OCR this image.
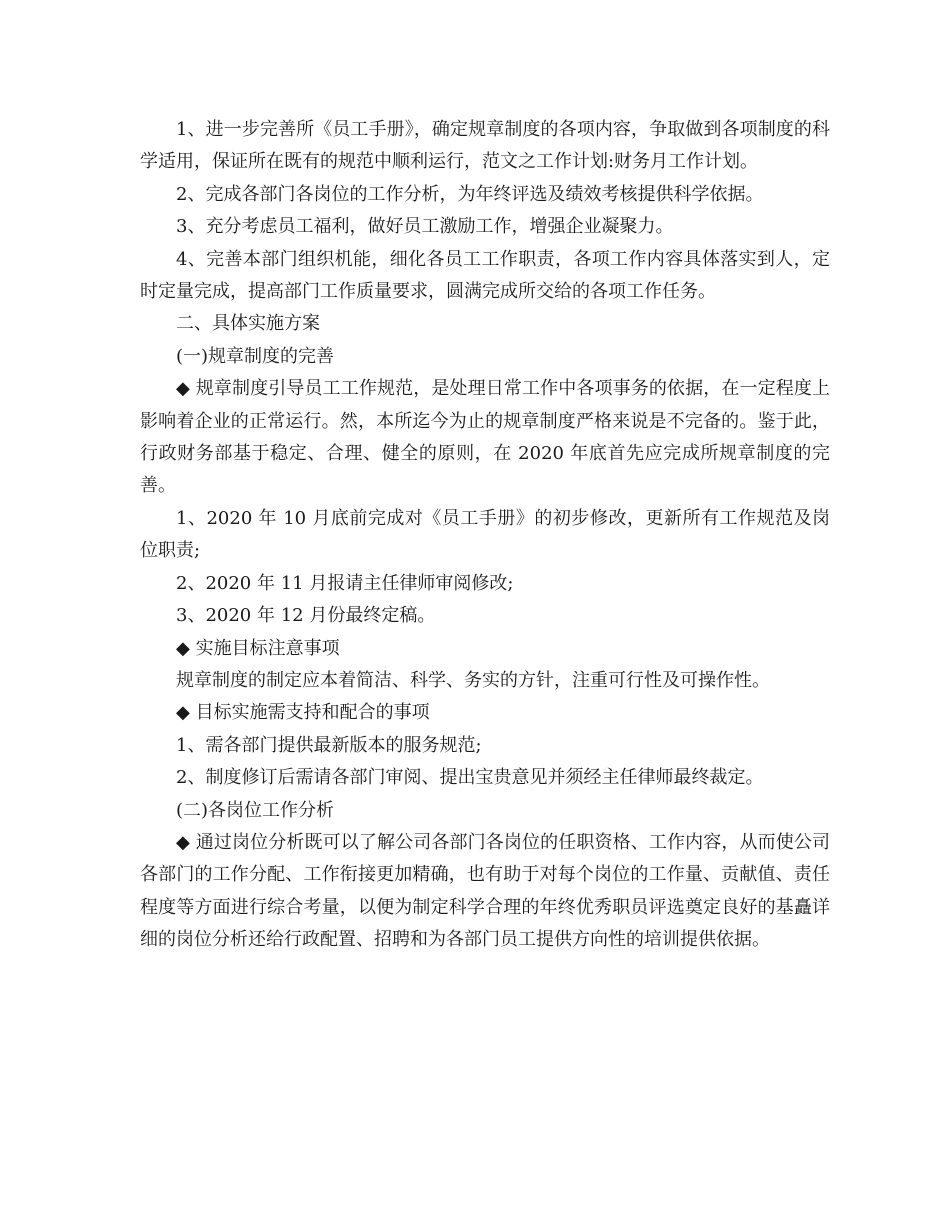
1、进一步完善所《员工手册》，确定规章制度的各项内容，争取做到各项制度的科学适用，保证所在既有的规范中顺利运行，范文之工作计划:财务月工作计划。

2、完成各部门各岗位的工作分析，为年终评选及绩效考核提供科学依据。

3、充分考虑员工福利，做好员工激励工作，增强企业凝聚力。

4、完善本部门组织机能，细化各员工工作职责，各项工作内容具体落实到人，定时定量完成，提高部门工作质量要求，圆满完成所交给的各项工作任务。

二、具体实施方案

(一)规章制度的完善

◆ 规章制度引导员工工作规范，是处理日常工作中各项事务的依据，在一定程度上影响着企业的正常运行。然，本所迄今为止的规章制度严格来说是不完备的。鉴于此，行政财务部基于稳定、合理、健全的原则，在 2020 年底首先应完成所规章制度的完善。

1、2020 年 10 月底前完成对《员工手册》的初步修改，更新所有工作规范及岗位职责;

2、2020 年 11 月报请主任律师审阅修改;

3、2020 年 12 月份最终定稿。

◆ 实施目标注意事项

规章制度的制定应本着简洁、科学、务实的方针，注重可行性及可操作性。

◆ 目标实施需支持和配合的事项

1、需各部门提供最新版本的服务规范;

2、制度修订后需请各部门审阅、提出宝贵意见并须经主任律师最终裁定。

(二)各岗位工作分析

◆ 通过岗位分析既可以了解公司各部门各岗位的任职资格、工作内容，从而使公司各部门的工作分配、工作衔接更加精确，也有助于对每个岗位的工作量、贡献值、责任程度等方面进行综合考量，以便为制定科学合理的年终优秀职员评选奠定良好的基矗详细的岗位分析还给行政配置、招聘和为各部门员工提供方向性的培训提供依据。
